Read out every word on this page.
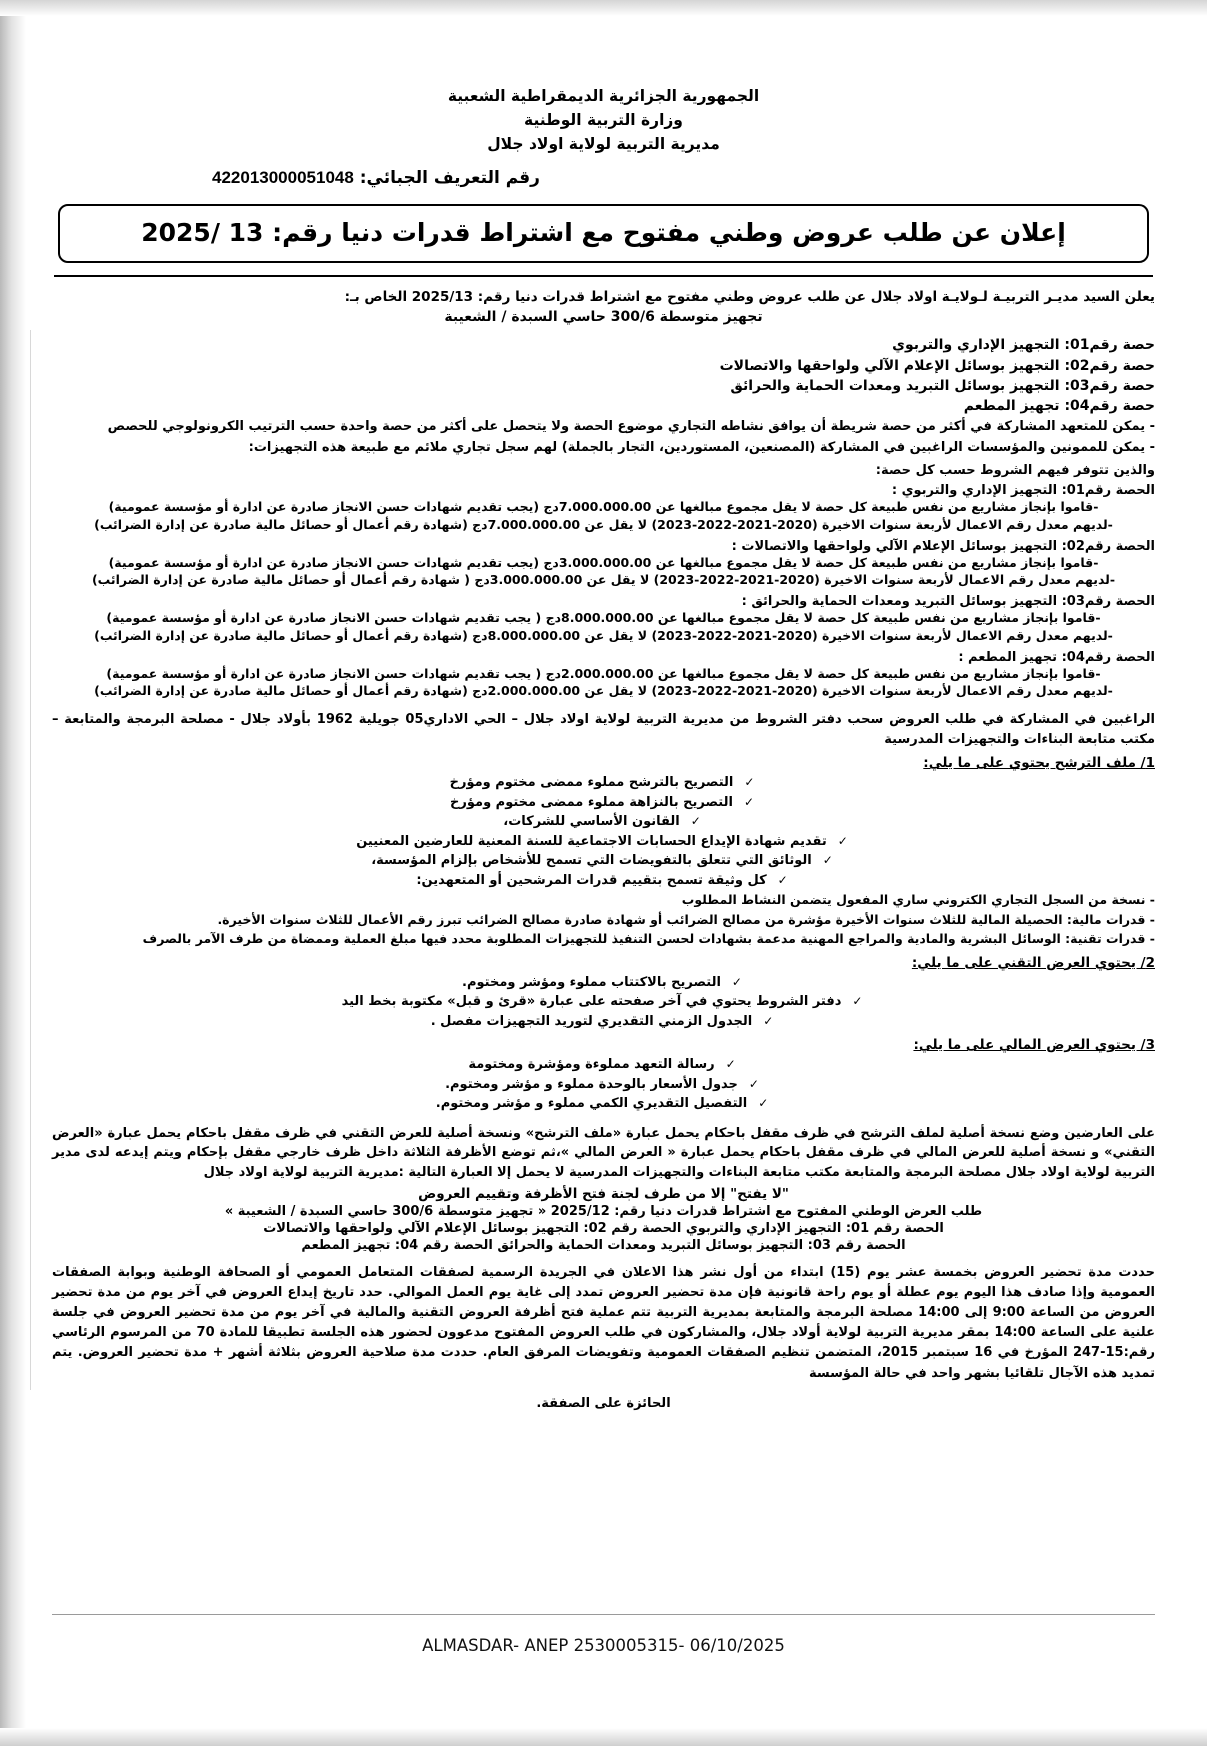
الجمهورية الجزائرية الديمقراطية الشعبية
وزارة التربية الوطنية
مديرية التربية لولاية اولاد جلال
رقم التعريف الجبائي: 422013000051048
إعلان عن طلب عروض وطني مفتوح مع اشتراط قدرات دنيا رقم: 13 /2025

يعلن السيد مديـر التربيـة لـولايـة اولاد جلال عن طلب عروض وطني مفتوح مع اشتراط قدرات دنيا رقم: 2025/13 الخاص بـ:

تجهيز متوسطة 300/6 حاسي السبدة / الشعيبة

حصة رقم01: التجهيز الإداري والتربوي
حصة رقم02: التجهيز بوسائل الإعلام الآلي ولواحقها والاتصالات
حصة رقم03: التجهيز بوسائل التبريد ومعدات الحماية والحرائق
حصة رقم04: تجهيز المطعم

- يمكن للمتعهد المشاركة في أكثر من حصة شريطة أن يوافق نشاطه التجاري موضوع الحصة ولا يتحصل على أكثر من حصة واحدة حسب الترتيب الكرونولوجي للحصص

- يمكن للممونين والمؤسسات الراغبين في المشاركة (المصنعين، المستوردين، التجار بالجملة) لهم سجل تجاري ملائم مع طبيعة هذه التجهيزات:

والذين تتوفر فيهم الشروط حسب كل حصة:

الحصة رقم01: التجهيز الإداري والتربوي :
-قاموا بإنجاز مشاريع من نفس طبيعة كل حصة لا يقل مجموع مبالغها عن 7.000.000.00دج (يجب تقديم شهادات حسن الانجاز صادرة عن ادارة أو مؤسسة عمومية)
-لديهم معدل رقم الاعمال لأربعة سنوات الاخيرة (2020-2021-2022-2023) لا يقل عن 7.000.000.00دج (شهادة رقم أعمال أو حصائل مالية صادرة عن إدارة الضرائب)
الحصة رقم02: التجهيز بوسائل الإعلام الآلي ولواحقها والاتصالات :
-قاموا بإنجاز مشاريع من نفس طبيعة كل حصة لا يقل مجموع مبالغها عن 3.000.000.00دج (يجب تقديم شهادات حسن الانجاز صادرة عن ادارة أو مؤسسة عمومية)
-لديهم معدل رقم الاعمال لأربعة سنوات الاخيرة (2020-2021-2022-2023) لا يقل عن 3.000.000.00دج ( شهادة رقم أعمال أو حصائل مالية صادرة عن إدارة الضرائب)
الحصة رقم03: التجهيز بوسائل التبريد ومعدات الحماية والحرائق :
-قاموا بإنجاز مشاريع من نفس طبيعة كل حصة لا يقل مجموع مبالغها عن 8.000.000.00دج ( يجب تقديم شهادات حسن الانجاز صادرة عن ادارة أو مؤسسة عمومية)
-لديهم معدل رقم الاعمال لأربعة سنوات الاخيرة (2020-2021-2022-2023) لا يقل عن 8.000.000.00دج (شهادة رقم أعمال أو حصائل مالية صادرة عن إدارة الضرائب)
الحصة رقم04: تجهيز المطعم :
-قاموا بإنجاز مشاريع من نفس طبيعة كل حصة لا يقل مجموع مبالغها عن 2.000.000.00دج ( يجب تقديم شهادات حسن الانجاز صادرة عن ادارة أو مؤسسة عمومية)
-لديهم معدل رقم الاعمال لأربعة سنوات الاخيرة (2020-2021-2022-2023) لا يقل عن 2.000.000.00دج (شهادة رقم أعمال أو حصائل مالية صادرة عن إدارة الضرائب)

الراغبين في المشاركة في طلب العروض سحب دفتر الشروط من مديرية التربية لولاية اولاد جلال – الحي الاداري05 جويلية 1962 بأولاد جلال - مصلحة البرمجة والمتابعة – مكتب متابعة البناءات والتجهيزات المدرسية

1/ ملف الترشح يحتوي على ما يلي:
✓التصريح بالترشح مملوء ممضى مختوم ومؤرخ
✓التصريح بالنزاهة مملوء ممضى مختوم ومؤرخ
✓القانون الأساسي للشركات،
✓تقديم شهادة الإيداع الحسابات الاجتماعية للسنة المعنية للعارضين المعنيين
✓الوثائق التي تتعلق بالتفويضات التي تسمح للأشخاص بإلزام المؤسسة،
✓كل وثيقة تسمح بتقييم قدرات المرشحين أو المتعهدين:
- نسخة من السجل التجاري الكتروني ساري المفعول يتضمن النشاط المطلوب
- قدرات مالية: الحصيلة المالية للثلاث سنوات الأخيرة مؤشرة من مصالح الضرائب أو شهادة صادرة مصالح الضرائب تبرز رقم الأعمال للثلاث سنوات الأخيرة.
- قدرات تقنية: الوسائل البشرية والمادية والمراجع المهنية مدعمة بشهادات لحسن التنفيذ للتجهيزات المطلوبة محدد فيها مبلغ العملية وممضاة من طرف الآمر بالصرف
2/ يحتوي العرض التقني على ما يلي:
✓التصريح بالاكتتاب مملوء ومؤشر ومختوم.
✓دفتر الشروط يحتوي في آخر صفحته على عبارة «قرئ و قبل» مكتوبة بخط اليد
✓الجدول الزمني التقديري لتوريد التجهيزات مفصل .
3/ يحتوي العرض المالي على ما يلي:
✓رسالة التعهد مملوءة ومؤشرة ومختومة
✓جدول الأسعار بالوحدة مملوء و مؤشر ومختوم.
✓التفصيل التقديري الكمي مملوء و مؤشر ومختوم.

على العارضين وضع نسخة أصلية لملف الترشح في ظرف مقفل باحكام يحمل عبارة «ملف الترشح» ونسخة أصلية للعرض التقني في ظرف مقفل باحكام يحمل عبارة «العرض التقني» و نسخة أصلية للعرض المالي في ظرف مقفل باحكام يحمل عبارة « العرض المالي »،ثم توضع الأظرفة الثلاثة داخل ظرف خارجي مقفل بإحكام ويتم إيدعه لدى مدير التربية لولاية اولاد جلال مصلحة البرمجة والمتابعة مكتب متابعة البناءات والتجهيزات المدرسية لا يحمل إلا العبارة التالية :مديرية التربية لولاية اولاد جلال

"لا يفتح" إلا من طرف لجنة فتح الأظرفة وتقييم العروض

طلب العرض الوطني المفتوح مع اشتراط قدرات دنيا رقم: 2025/12 « تجهيز متوسطة 300/6 حاسي السبدة / الشعيبة »

الحصة رقم 01: التجهيز الإداري والتربوي الحصة رقم 02: التجهيز بوسائل الإعلام الآلي ولواحقها والاتصالات

الحصة رقم 03: التجهيز بوسائل التبريد ومعدات الحماية والحرائق الحصة رقم 04: تجهيز المطعم

حددت مدة تحضير العروض بخمسة عشر يوم (15) ابتداء من أول نشر هذا الاعلان في الجريدة الرسمية لصفقات المتعامل العمومي أو الصحافة الوطنية وبوابة الصفقات العمومية وإذا صادف هذا اليوم يوم عطلة أو يوم راحة قانونية فإن مدة تحضير العروض تمدد إلى غاية يوم العمل الموالي. حدد تاريخ إيداع العروض في آخر يوم من مدة تحضير العروض من الساعة 9:00 إلى 14:00 مصلحة البرمجة والمتابعة بمديرية التربية تتم عملية فتح أظرفة العروض التقنية والمالية في آخر يوم من مدة تحضير العروض في جلسة علنية على الساعة 14:00 بمقر مديرية التربية لولاية أولاد جلال، والمشاركون في طلب العروض المفتوح مدعوون لحضور هذه الجلسة تطبيقا للمادة 70 من المرسوم الرئاسي رقم:15-247 المؤرخ في 16 سبتمبر 2015، المتضمن تنظيم الصفقات العمومية وتفويضات المرفق العام. حددت مدة صلاحية العروض بثلاثة أشهر + مدة تحضير العروض. يتم تمديد هذه الآجال تلقائيا بشهر واحد في حالة المؤسسة

الحائزة على الصفقة.

ALMASDAR- ANEP 2530005315- 06/10/2025
